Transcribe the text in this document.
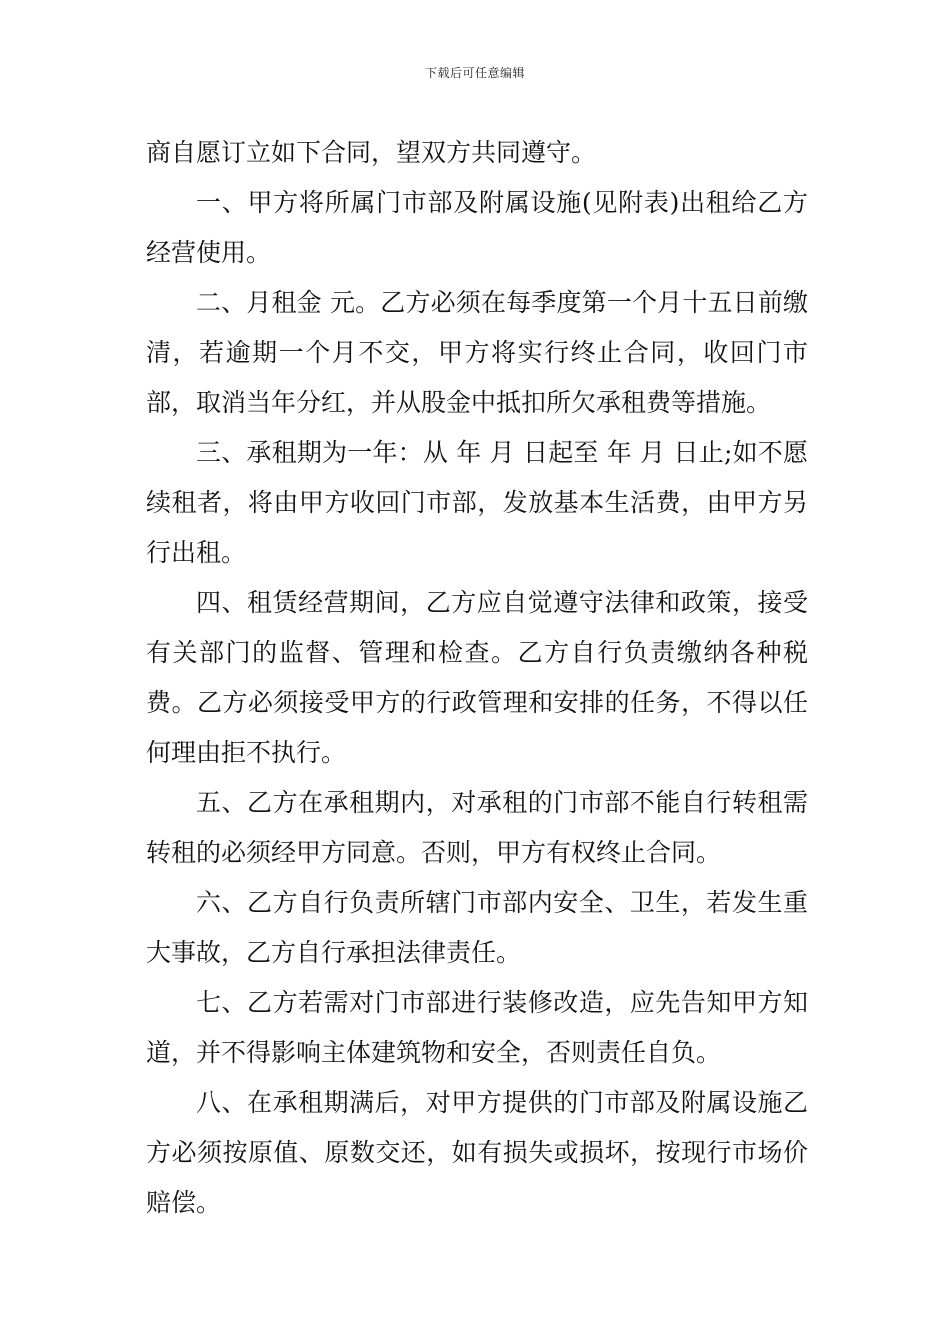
下载后可任意编辑

商自愿订立如下合同，望双方共同遵守。

一、甲方将所属门市部及附属设施(见附表)出租给乙方经营使用。

二、月租金 元。乙方必须在每季度第一个月十五日前缴清，若逾期一个月不交，甲方将实行终止合同，收回门市部，取消当年分红，并从股金中抵扣所欠承租费等措施。

三、承租期为一年：从 年 月 日起至 年 月 日止;如不愿续租者，将由甲方收回门市部，发放基本生活费，由甲方另行出租。

四、租赁经营期间，乙方应自觉遵守法律和政策，接受有关部门的监督、管理和检查。乙方自行负责缴纳各种税费。乙方必须接受甲方的行政管理和安排的任务，不得以任何理由拒不执行。

五、乙方在承租期内，对承租的门市部不能自行转租需转租的必须经甲方同意。否则，甲方有权终止合同。

六、乙方自行负责所辖门市部内安全、卫生，若发生重大事故，乙方自行承担法律责任。

七、乙方若需对门市部进行装修改造，应先告知甲方知道，并不得影响主体建筑物和安全，否则责任自负。

八、在承租期满后，对甲方提供的门市部及附属设施乙方必须按原值、原数交还，如有损失或损坏，按现行市场价赔偿。
